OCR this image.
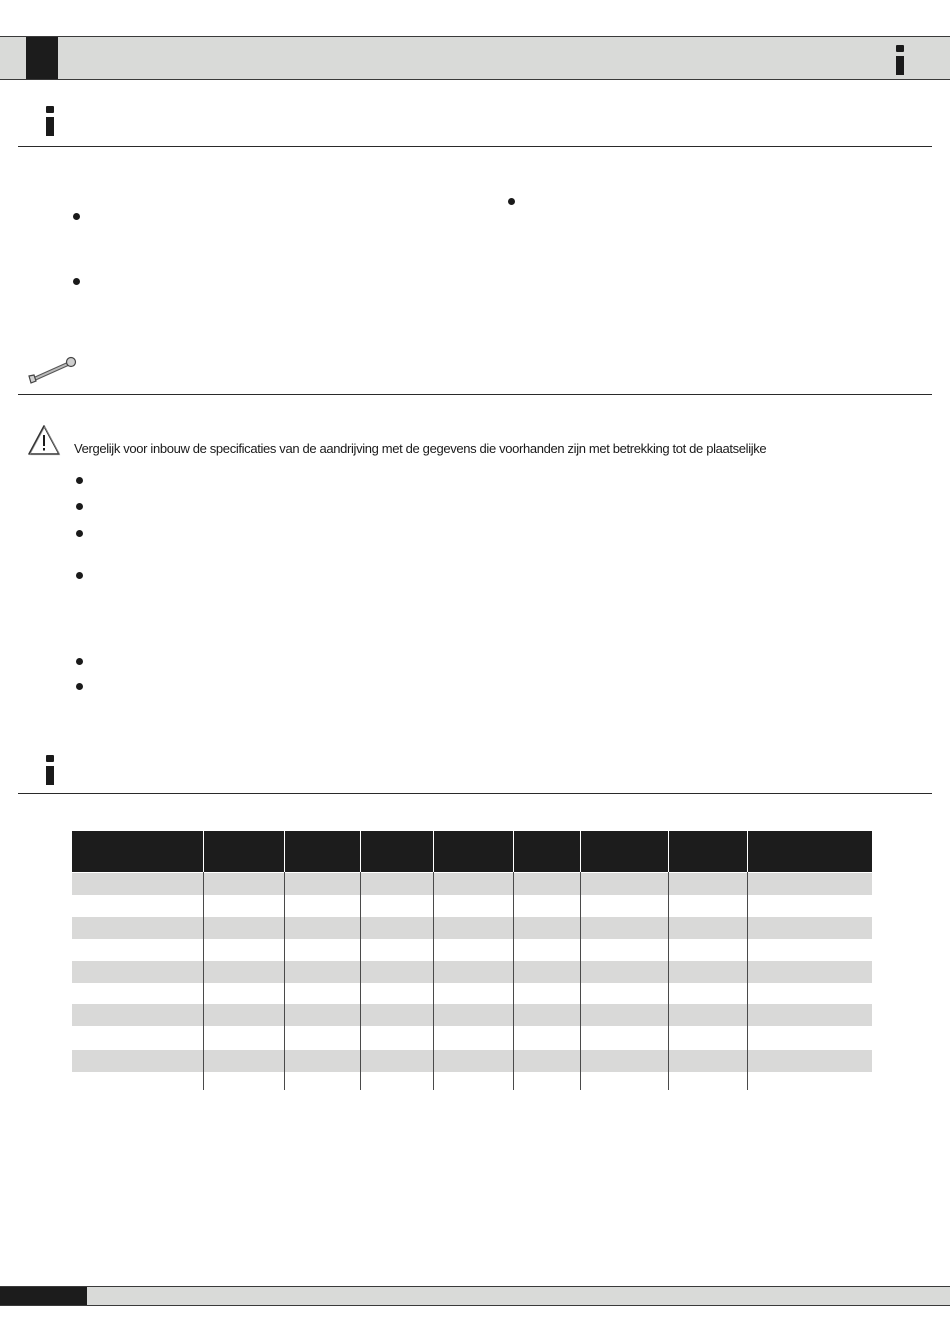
Vergelijk voor inbouw de specificaties van de aandrijving met de gegevens die voorhanden zijn met betrekking tot de plaatselijke
